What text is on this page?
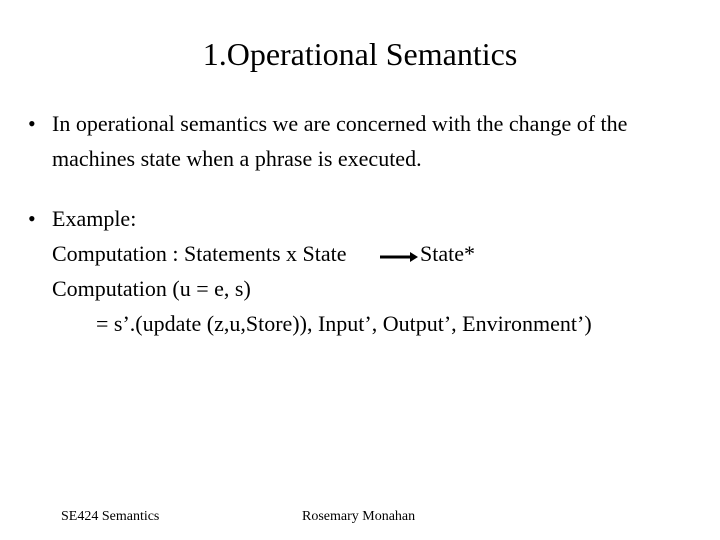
1.Operational Semantics
• In operational semantics we are concerned with the change of the
machines state when a phrase is executed.
• Example:
Computation : Statements x State	State*
Computation (u = e, s)
= s’.(update (z,u,Store)), Input’, Output’, Environment’)
SE424 Semantics	Rosemary Monahan
